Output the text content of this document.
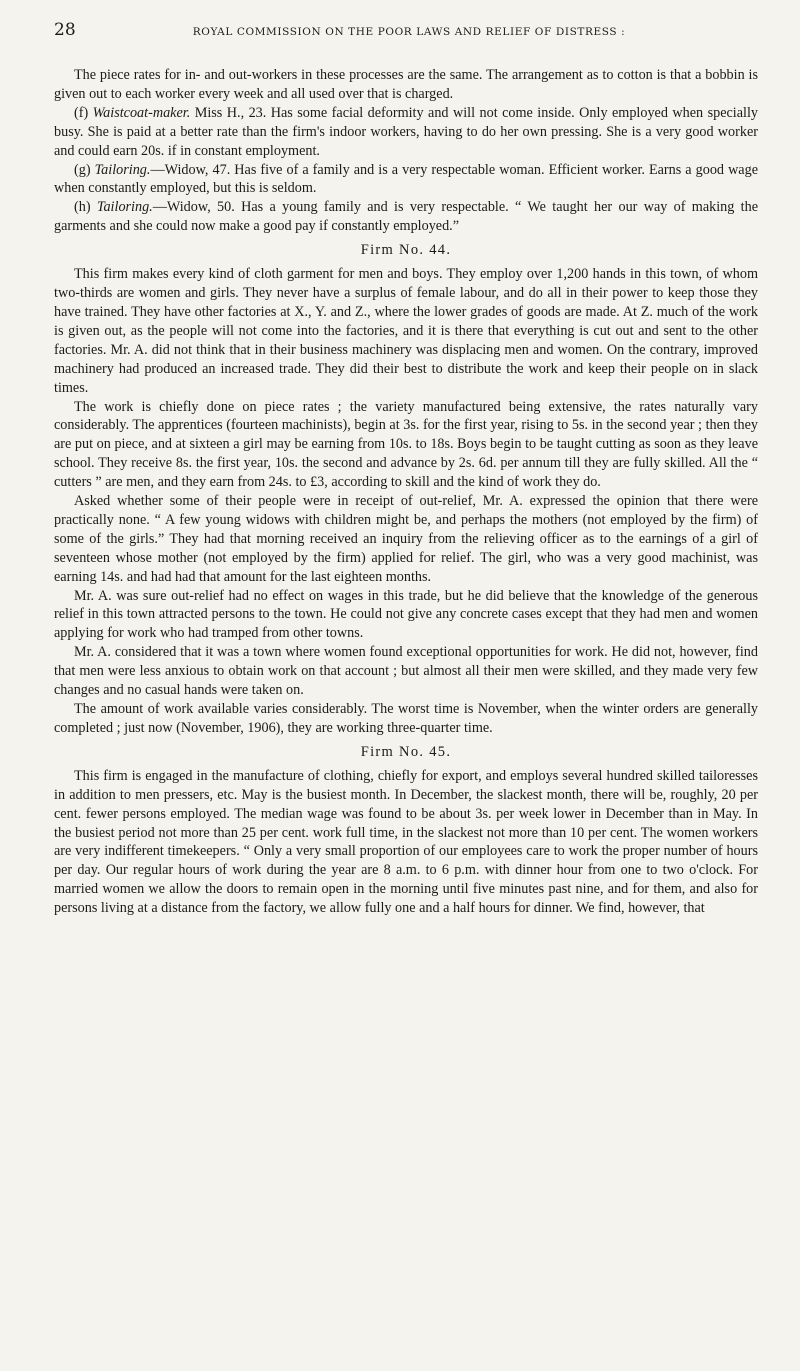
28	ROYAL COMMISSION ON THE POOR LAWS AND RELIEF OF DISTRESS :

The piece rates for in- and out-workers in these processes are the same. The arrangement as to cotton is that a bobbin is given out to each worker every week and all used over that is charged.

(f) Waistcoat-maker. Miss H., 23. Has some facial deformity and will not come inside. Only employed when specially busy. She is paid at a better rate than the firm's indoor workers, having to do her own pressing. She is a very good worker and could earn 20s. if in constant employment.

(g) Tailoring.—Widow, 47. Has five of a family and is a very respectable woman. Efficient worker. Earns a good wage when constantly employed, but this is seldom.

(h) Tailoring.—Widow, 50. Has a young family and is very respectable. “ We taught her our way of making the garments and she could now make a good pay if constantly employed.”

Firm No. 44.

This firm makes every kind of cloth garment for men and boys. They employ over 1,200 hands in this town, of whom two-thirds are women and girls. They never have a surplus of female labour, and do all in their power to keep those they have trained. They have other factories at X., Y. and Z., where the lower grades of goods are made. At Z. much of the work is given out, as the people will not come into the factories, and it is there that everything is cut out and sent to the other factories. Mr. A. did not think that in their business machinery was displacing men and women. On the contrary, improved machinery had produced an increased trade. They did their best to distribute the work and keep their people on in slack times.

The work is chiefly done on piece rates ; the variety manufactured being extensive, the rates naturally vary considerably. The apprentices (fourteen machinists), begin at 3s. for the first year, rising to 5s. in the second year ; then they are put on piece, and at sixteen a girl may be earning from 10s. to 18s. Boys begin to be taught cutting as soon as they leave school. They receive 8s. the first year, 10s. the second and advance by 2s. 6d. per annum till they are fully skilled. All the “ cutters ” are men, and they earn from 24s. to £3, according to skill and the kind of work they do.

Asked whether some of their people were in receipt of out-relief, Mr. A. expressed the opinion that there were practically none. “ A few young widows with children might be, and perhaps the mothers (not employed by the firm) of some of the girls.” They had that morning received an inquiry from the relieving officer as to the earnings of a girl of seventeen whose mother (not employed by the firm) applied for relief. The girl, who was a very good machinist, was earning 14s. and had had that amount for the last eighteen months.

Mr. A. was sure out-relief had no effect on wages in this trade, but he did believe that the knowledge of the generous relief in this town attracted persons to the town. He could not give any concrete cases except that they had men and women applying for work who had tramped from other towns.

Mr. A. considered that it was a town where women found exceptional opportunities for work. He did not, however, find that men were less anxious to obtain work on that account ; but almost all their men were skilled, and they made very few changes and no casual hands were taken on.

The amount of work available varies considerably. The worst time is November, when the winter orders are generally completed ; just now (November, 1906), they are working three-quarter time.

Firm No. 45.

This firm is engaged in the manufacture of clothing, chiefly for export, and employs several hundred skilled tailoresses in addition to men pressers, etc. May is the busiest month. In December, the slackest month, there will be, roughly, 20 per cent. fewer persons employed. The median wage was found to be about 3s. per week lower in December than in May. In the busiest period not more than 25 per cent. work full time, in the slackest not more than 10 per cent. The women workers are very indifferent timekeepers. “ Only a very small proportion of our employees care to work the proper number of hours per day. Our regular hours of work during the year are 8 a.m. to 6 p.m. with dinner hour from one to two o'clock. For married women we allow the doors to remain open in the morning until five minutes past nine, and for them, and also for persons living at a distance from the factory, we allow fully one and a half hours for dinner. We find, however, that
